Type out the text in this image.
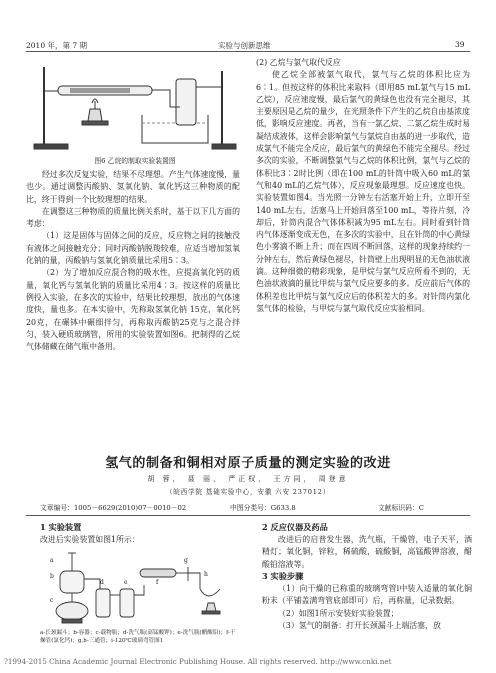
2010 年，第 7 期	实验与创新思维	39
图6 乙烷的制取实验装置图

经过多次反复实验，结果不尽理想。产生气体速度慢，量也少。通过调整丙酸钠、氢氧化钠、氧化钙这三种物质的配比，终于得到一个比较理想的结果。

在调整这三种物质的质量比例关系时，基于以下几方面的考虑：

（1）这是固体与固体之间的反应，反应物之间的接触没有液体之间接触充分；同时丙酸钠脱羧较难，应适当增加氢氧化钠的量，丙酸钠与氢氧化钠质量比采用5∶3。

（2）为了增加反应混合物的吸水性，应提高氧化钙的质量，氧化钙与氢氧化钠的质量比采用4∶3。按这样的质量比例投入实验，在多次的实验中，结果比较理想，放出的气体速度快，量也多。在本实验中，先称取氢氧化钠 15克，氧化钙20克，在碾钵中碾细拌匀，再称取丙酸钠25克与之混合拌匀，装入硬质玻璃管，所用的实验装置如图6。把制得的乙烷气体储藏在储气瓶中备用。

(2) 乙烷与氯气取代反应

使乙烷全部被氯气取代，氯气与乙烷的体积比应为6∶1。但按这样的体积比来取料（即用85 mL氯气与15 mL乙烷），反应速度慢，最后氯气的黄绿色也没有完全褪尽，其主要原因是乙烷的量少，在光照条件下产生的乙烷自由基浓度低，影响反应速度。再者，当有一氯乙烷、二氯乙烷生成时易凝结成液体，这样会影响氯气与氯烷自由基的进一步取代，造成氯气不能完全反应，最后氯气的黄绿色不能完全褪尽。经过多次的实验，不断调整氯气与乙烷的体积比例，氯气与乙烷的体积比3∶2时比例（即在100 mL的针筒中吸入60 mL的氯气和40 mL的乙烷气体），反应现象最理想。反应速度也快。实验装置如图4。当光照一分钟左右活塞开始上升，立即开至140 mL左右，活塞马上开始回落至100 mL，等待片刻，冷却后，针筒内混合气体体积减为95 mL左右。同时看到针筒内气体逐渐变成无色，在多次的实验中，且在针筒的中心黄绿色小雾滴不断上升；而在四周不断回落，这样的现象持续约一分钟左右，然后黄绿色褪尽，针筒壁上出现明显的无色油状液滴。这种细微的精彩现象，是甲烷与氯气反应所看不到的，无色油状液滴的量比甲烷与氯气反应要多的多。反应前后气体的体积差也比甲烷与氯气反应后的体积差大的多。对针筒内氯化氢气体的检验，与甲烷与氯气取代反应实验相同。

氢气的制备和铜相对原子质量的测定实验的改进
胡 蓉， 聂 丽， 严正权， 王方同， 周登意
（皖西学院 基础实验中心，安徽 六安 237012）
文章编号：1005－6629(2010)07－0010－02	中图分类号：G633.8	文献标识码：C
1 实验装置

改进后实验装置如图1所示：

a
b
c
d	e	f
g
h
a-长颈漏斗；b-容器；c-载物瓶；d-洗气瓶(高锰酸钾)；e-洗气瓶(醋酸铅)；f-干燥管(氯化钙)；g,h-三通管；i-120℃玻璃弯管图1
2 反应仪器及药品

改进后的启普发生器，洗气瓶，干燥管，电子天平，酒精灯；氧化铜，锌粒，稀硫酸，硫酸铜，高锰酸钾溶液，醋酸铅溶液等。

3 实验步骤

（1）向干燥的已称重的玻璃弯管i中装入适量的氧化铜粉末（平铺盖满弯管底部即可）后，再称量，记录数据。

（2）如图1所示安装好实验装置；

（3）氢气的制备：打开长颈漏斗上端活塞，放

?1994-2015 China Academic Journal Electronic Publishing House. All rights reserved. http://www.cnki.net
